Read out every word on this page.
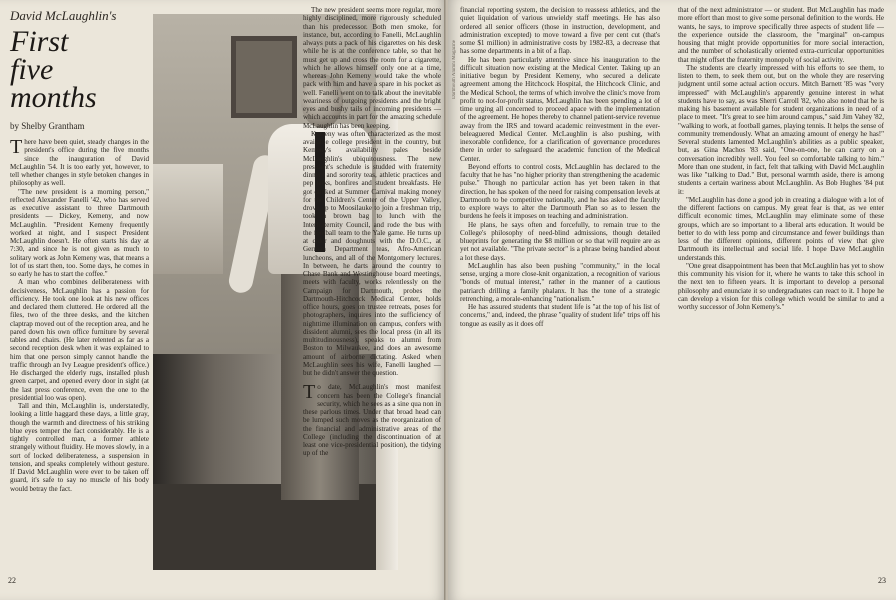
David McLaughlin's
First
five
months
by Shelby Grantham

There have been quiet, steady changes in the president's office during the five months since the inauguration of David McLaughlin '54. It is too early yet, however, to tell whether changes in style betoken changes in philosophy as well.

"The new president is a morning person," reflected Alexander Fanelli '42, who has served as executive assistant to three Dartmouth presidents — Dickey, Kemeny, and now McLaughlin. "President Kemeny frequently worked at night, and I suspect President McLaughlin doesn't. He often starts his day at 7:30, and since he is not given as much to solitary work as John Kemeny was, that means a lot of us start then, too. Some days, he comes in so early he has to start the coffee."

A man who combines deliberateness with decisiveness, McLaughlin has a passion for efficiency. He took one look at his new offices and declared them cluttered. He ordered all the files, two of the three desks, and the kitchen claptrap moved out of the reception area, and he pared down his own office furniture by several tables and chairs. (He later relented as far as a second reception desk when it was explained to him that one person simply cannot handle the traffic through an Ivy League president's office.) He discharged the elderly rugs, installed plush green carpet, and opened every door in sight (at the last press conference, even the one to the presidential loo was open).

Tall and thin, McLaughlin is, understatedly, looking a little haggard these days, a little gray, though the warmth and directness of his striking blue eyes temper the fact considerably. He is a tightly controlled man, a former athlete strangely without fluidity. He moves slowly, in a sort of locked deliberateness, a suspension in tension, and speaks completely without gesture. If David McLaughlin were ever to be taken off guard, it's safe to say no muscle of his body would betray the fact.

The new president seems more regular, more highly disciplined, more rigorously scheduled than his predecessor. Both men smoke, for instance, but, according to Fanelli, McLaughlin always puts a pack of his cigarettes on his desk while he is at the conference table, so that he must get up and cross the room for a cigarette, which he allows himself only one at a time, whereas John Kemeny would take the whole pack with him and have a spare in his pocket as well. Fanelli went on to talk about the inevitable weariness of outgoing presidents and the bright eyes and bushy tails of incoming presidents — which accounts in part for the amazing schedule McLaughlin has been keeping.

Kemeny was often characterized as the most available college president in the country, but Kemeny's availability pales beside McLaughlin's ubiquitousness. The new president's schedule is studded with fraternity dinners and sorority teas, athletic practices and pep talks, bonfires and student breakfasts. He got dunked at Summer Carnival making money for the Children's Center of the Upper Valley, drove up to Moosilauke to join a freshman trip, took a brown bag to lunch with the Interfraternity Council, and rode the bus with the football team to the Yale game. He turns up at cider and doughnuts with the D.O.C., at German Department teas, Afro-American luncheons, and all of the Montgomery lectures. In between, he darts around the country to Chase Bank and Westinghouse board meetings, meets with faculty, works relentlessly on the Campaign for Dartmouth, probes the Dartmouth-Hitchcock Medical Center, holds office hours, goes on trustee retreats, poses for photographers, inquires into the sufficiency of nighttime illumination on campus, confers with dissident alumni, sees the local press (in all its multitudinousness), speaks to alumni from Boston to Milwaukee, and does an awesome amount of airborne dictating. Asked when McLaughlin sees his wife, Fanelli laughed — but he didn't answer the question.

To date, McLaughlin's most manifest concern has been the College's financial security, which he sees as a sine qua non in these parlous times. Under that broad head can be lumped such moves as the reorganization of the financial and administrative areas of the College (including the discontinuation of at least one vice-presidential position), the tidying up of the

22

financial reporting system, the decision to reassess athletics, and the quiet liquidation of various unwieldy staff meetings. He has also ordered all senior officers (those in instruction, development, and administration excepted) to move toward a five per cent cut (that's some $1 million) in administrative costs by 1982-83, a decrease that has some departments in a bit of a flap.

He has been particularly attentive since his inauguration to the difficult situation now existing at the Medical Center. Taking up an initiative begun by President Kemeny, who secured a delicate agreement among the Hitchcock Hospital, the Hitchcock Clinic, and the Medical School, the terms of which involve the clinic's move from profit to not-for-profit status, McLaughlin has been spending a lot of time urging all concerned to proceed apace with the implementation of the agreement. He hopes thereby to channel patient-service revenue away from the IRS and toward academic reinvestment in the ever-beleaguered Medical Center. McLaughlin is also pushing, with inexorable confidence, for a clarification of governance procedures there in order to safeguard the academic function of the Medical Center.

Beyond efforts to control costs, McLaughlin has declared to the faculty that he has "no higher priority than strengthening the academic pulse." Though no particular action has yet been taken in that direction, he has spoken of the need for raising compensation levels at Dartmouth to be competitive nationally, and he has asked the faculty to explore ways to alter the Dartmouth Plan so as to lessen the burdens he feels it imposes on teaching and administration.

He plans, he says often and forcefully, to remain true to the College's philosophy of need-blind admissions, though detailed blueprints for generating the $8 million or so that will require are as yet not available. "The private sector" is a phrase being bandied about a lot these days.

McLaughlin has also been pushing "community," in the local sense, urging a more close-knit organization, a recognition of various "bonds of mutual interest," rather in the manner of a cautious patriarch drilling a family phalanx. It has the tone of a strategic retrenching, a morale-enhancing "nationalism."

He has assured students that student life is "at the top of his list of concerns," and, indeed, the phrase "quality of student life" trips off his tongue as easily as it does off

that of the next administrator — or student. But McLaughlin has made more effort than most to give some personal definition to the words. He wants, he says, to improve specifically three aspects of student life — the experience outside the classroom, the "marginal" on-campus housing that might provide opportunities for more social interaction, and the number of scholastically oriented extra-curricular opportunities that might offset the fraternity monopoly of social activity.

The students are clearly impressed with his efforts to see them, to listen to them, to seek them out, but on the whole they are reserving judgment until some actual action occurs. Mitch Barnett '85 was "very impressed" with McLaughlin's apparently genuine interest in what students have to say, as was Sherri Carroll '82, who also noted that he is making his basement available for student organizations in need of a place to meet. "It's great to see him around campus," said Jim Vahey '82, "walking to work, at football games, playing tennis. It helps the sense of community tremendously. What an amazing amount of energy he has!" Several students lamented McLaughlin's abilities as a public speaker, but, as Gina Machos '83 said, "One-on-one, he can carry on a conversation incredibly well. You feel so comfortable talking to him." More than one student, in fact, felt that talking with David McLaughlin was like "talking to Dad." But, personal warmth aside, there is among students a certain wariness about McLaughlin. As Bob Hughes '84 put it:

"McLaughlin has done a good job in creating a dialogue with a lot of the different factions on campus. My great fear is that, as we enter difficult economic times, McLaughlin may eliminate some of these groups, which are so important to a liberal arts education. It would be better to do with less pomp and circumstance and fewer buildings than less of the different opinions, different points of view that give Dartmouth its intellectual and social life. I hope Dave McLaughlin understands this.

"One great disappointment has been that McLaughlin has yet to show this community his vision for it, where he wants to take this school in the next ten to fifteen years. It is important to develop a personal philosophy and enunciate it so undergraduates can react to it. I hope he can develop a vision for this college which would be similar to and a worthy successor of John Kemeny's."

23
Dartmouth Alumni Magazine
